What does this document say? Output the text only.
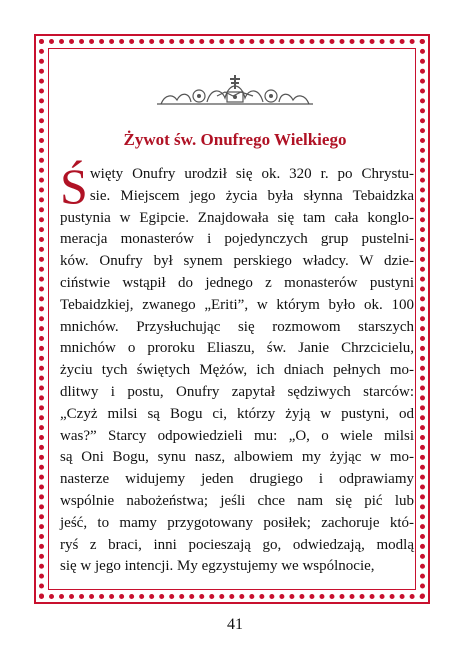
Żywot św. Onufrego Wielkiego
Ś więty Onufry urodził się ok. 320 r. po Chrystu-
sie. Miejscem jego życia była słynna Tebaidzka
pustynia w Egipcie. Znajdowała się tam cała konglo-
meracja monasterów i pojedynczych grup pustelni-
ków. Onufry był synem perskiego władcy. W dzie-
ciństwie wstąpił do jednego z monasterów pustyni
Tebaidzkiej, zwanego „Eriti”, w którym było ok. 100
mnichów. Przysłuchując się rozmowom starszych
mnichów o proroku Eliaszu, św. Janie Chrzcicielu,
życiu tych świętych Mężów, ich dniach pełnych mo-
dlitwy i postu, Onufry zapytał sędziwych starców:
„Czyż milsi są Bogu ci, którzy żyją w pustyni, od
was?” Starcy odpowiedzieli mu: „O, o wiele milsi
są Oni Bogu, synu nasz, albowiem my żyjąc w mo-
nasterze widujemy jeden drugiego i odprawiamy
wspólnie nabożeństwa; jeśli chce nam się pić lub
jeść, to mamy przygotowany posiłek; zachoruje któ-
ryś z braci, inni pocieszają go, odwiedzają, modlą
się w jego intencji. My egzystujemy we wspólnocie,
41
